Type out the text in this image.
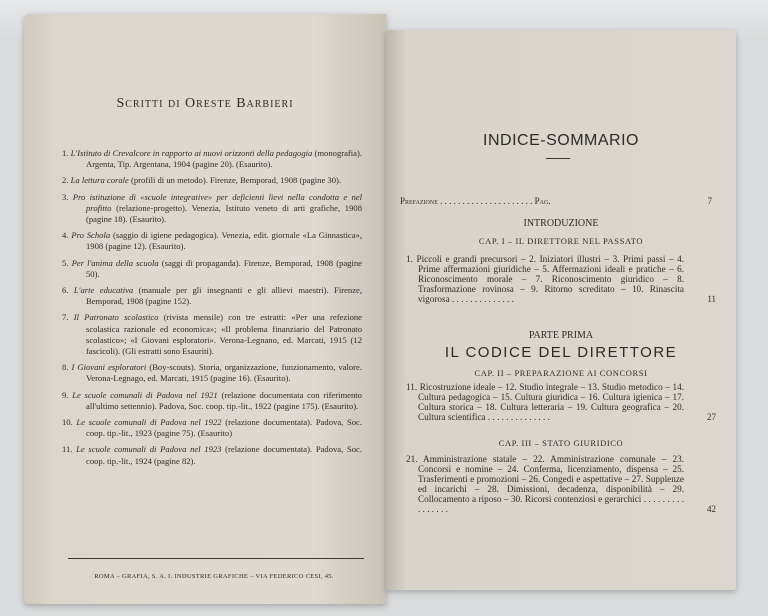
Scritti di Oreste Barbieri
1. L'Istituto di Crevalcore in rapporto ai nuovi orizzonti della pedagogia (monografia). Argenta, Tip. Argentana, 1904 (pagine 20). (Esaurito).
2. La lettura corale (profili di un metodo). Firenze, Bemporad, 1908 (pagine 30).
3. Pro istituzione di «scuole integrative» per deficienti lievi nella condotta e nel profitto (relazione-progetto). Venezia, Istituto veneto di arti grafiche, 1908 (pagine 18). (Esaurito).
4. Pro Schola (saggio di igiene pedagogica). Venezia, edit. giornale «La Ginnastica», 1908 (pagine 12). (Esaurito).
5. Per l'anima della scuola (saggi di propaganda). Firenze, Bemporad, 1908 (pagine 50).
6. L'arte educativa (manuale per gli insegnanti e gli allievi maestri). Firenze, Bemporad, 1908 (pagine 152).
7. Il Patronato scolastico (rivista mensile) con tre estratti: «Per una refezione scolastica razionale ed economica»; «Il problema finanziario del Patronato scolastico»; «I Giovani esploratori». Verona-Legnano, ed. Marcati, 1915 (12 fascicoli). (Gli estratti sono Esauriti).
8. I Giovani esploratori (Boy-scouts). Storia, organizzazione, funzionamento, valore. Verona-Legnago, ed. Marcati, 1915 (pagine 16). (Esaurito).
9. Le scuole comunali di Padova nel 1921 (relazione documentata con riferimento all'ultimo settennio). Padova, Soc. coop. tip.-lit., 1922 (pagine 175). (Esaurito).
10. Le scuole comunali di Padova nel 1922 (relazione documentata). Padova, Soc. coop. tip.-lit., 1923 (pagine 75). (Esaurito)
11. Le scuole comunali di Padova nel 1923 (relazione documentata). Padova, Soc. coop. tip.-lit., 1924 (pagine 82).
ROMA – GRAFIA, S. A. I. INDUSTRIE GRAFICHE – VIA FEDERICO CESI, 45.
INDICE-SOMMARIO
Prefazione . . . . . . . . . . . . . . . . . . . . . Pag.	7
INTRODUZIONE
CAP. I – IL DIRETTORE NEL PASSATO
1. Piccoli e grandi precursori – 2. Iniziatori illustri – 3. Primi passi – 4. Prime affermazioni giuridiche – 5. Affermazioni ideali e pratiche – 6. Riconoscimento morale – 7. Riconoscimento giuridico – 8. Trasformazione rovinosa – 9. Ritorno screditato – 10. Rinascita vigorosa . . . . . . . . . . . . . .	11
PARTE PRIMA
IL CODICE DEL DIRETTORE
CAP. II – PREPARAZIONE AI CONCORSI
11. Ricostruzione ideale – 12. Studio integrale – 13. Studio metodico – 14. Cultura pedagogica – 15. Cultura giuridica – 16. Cultura igienica – 17. Cultura storica – 18. Cultura letteraria – 19. Cultura geografica – 20. Cultura scientifica . . . . . . . . . . . . . .	27
CAP. III – STATO GIURIDICO
21. Amministrazione statale – 22. Amministrazione comunale – 23. Concorsi e nomine – 24. Conferma, licenziamento, dispensa – 25. Trasferimenti e promozioni – 26. Congedi e aspettative – 27. Supplenze ed incarichi – 28. Dimissioni, decadenza, disponibilità – 29. Collocamento a riposo – 30. Ricorsi contenziosi e gerarchici . . . . . . . . . . . . . . . .	42
